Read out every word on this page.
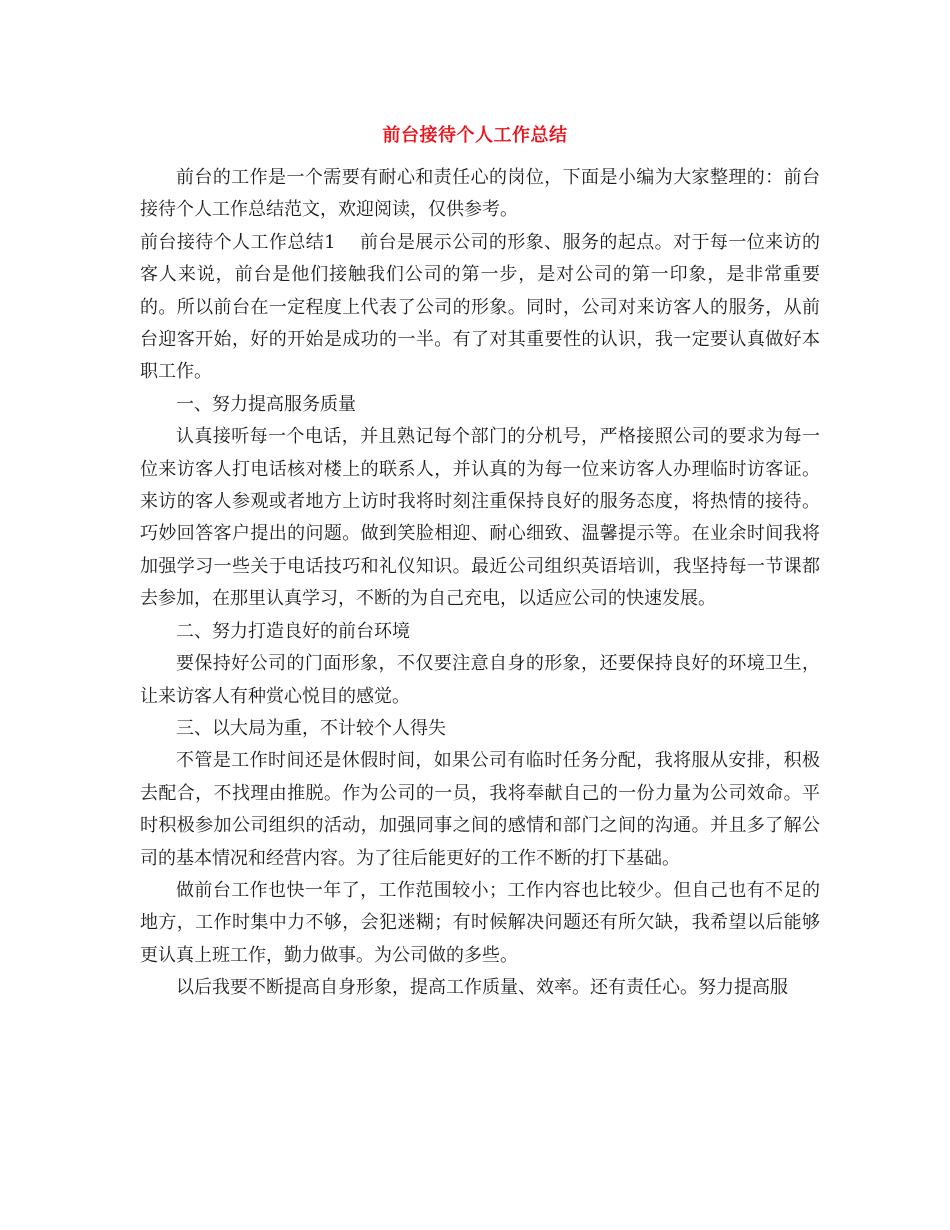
前台接待个人工作总结

前台的工作是一个需要有耐心和责任心的岗位，下面是小编为大家整理的：前台接待个人工作总结范文，欢迎阅读，仅供参考。

前台接待个人工作总结1 前台是展示公司的形象、服务的起点。对于每一位来访的客人来说，前台是他们接触我们公司的第一步，是对公司的第一印象，是非常重要的。所以前台在一定程度上代表了公司的形象。同时，公司对来访客人的服务，从前台迎客开始，好的开始是成功的一半。有了对其重要性的认识，我一定要认真做好本职工作。

一、努力提高服务质量

认真接听每一个电话，并且熟记每个部门的分机号，严格接照公司的要求为每一位来访客人打电话核对楼上的联系人，并认真的为每一位来访客人办理临时访客证。来访的客人参观或者地方上访时我将时刻注重保持良好的服务态度，将热情的接待。巧妙回答客户提出的问题。做到笑脸相迎、耐心细致、温馨提示等。在业余时间我将加强学习一些关于电话技巧和礼仪知识。最近公司组织英语培训，我坚持每一节课都去参加，在那里认真学习，不断的为自己充电，以适应公司的快速发展。

二、努力打造良好的前台环境

要保持好公司的门面形象，不仅要注意自身的形象，还要保持良好的环境卫生，让来访客人有种赏心悦目的感觉。

三、以大局为重，不计较个人得失

不管是工作时间还是休假时间，如果公司有临时任务分配，我将服从安排，积极去配合，不找理由推脱。作为公司的一员，我将奉献自己的一份力量为公司效命。平时积极参加公司组织的活动，加强同事之间的感情和部门之间的沟通。并且多了解公司的基本情况和经营内容。为了往后能更好的工作不断的打下基础。

做前台工作也快一年了，工作范围较小；工作内容也比较少。但自己也有不足的地方，工作时集中力不够，会犯迷糊；有时候解决问题还有所欠缺，我希望以后能够更认真上班工作，勤力做事。为公司做的多些。

以后我要不断提高自身形象，提高工作质量、效率。还有责任心。努力提高服
